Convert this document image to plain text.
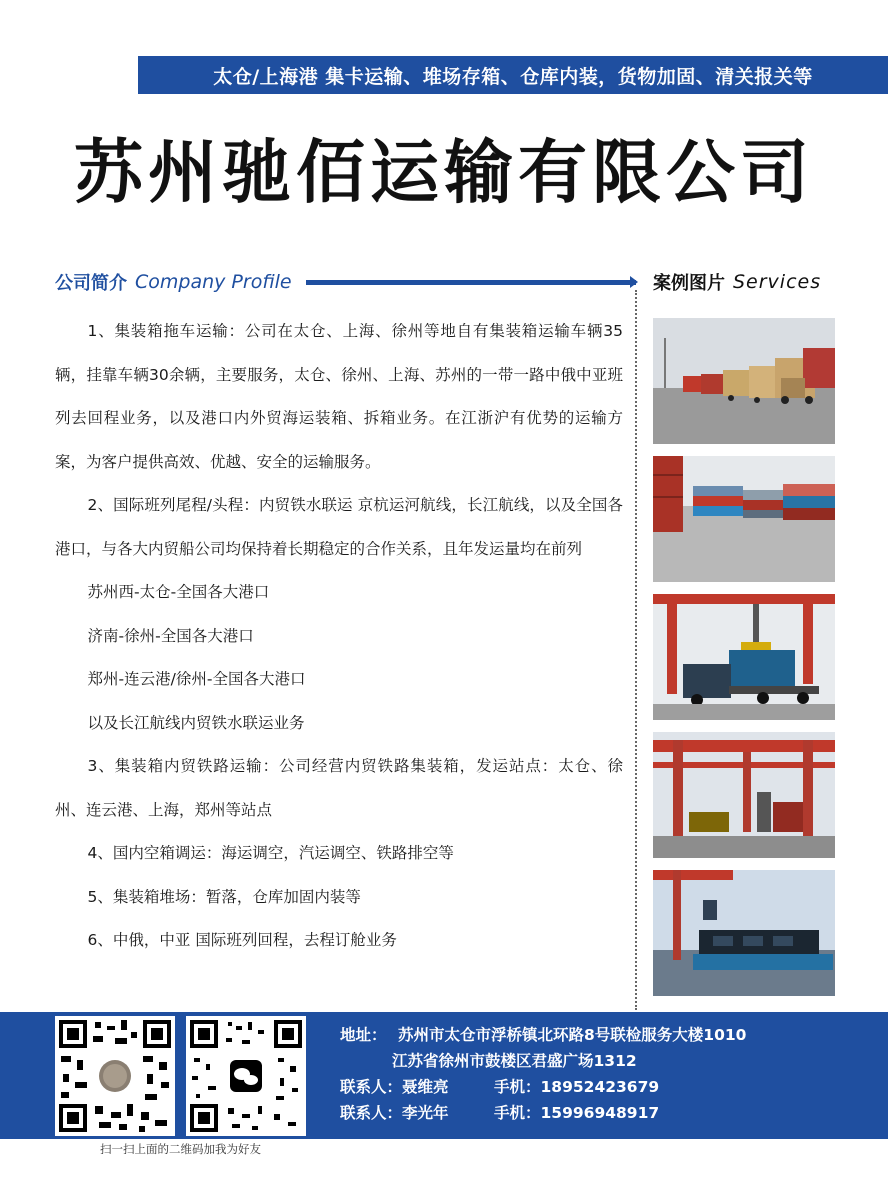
太仓/上海港 集卡运输、堆场存箱、仓库内装，货物加固、清关报关等
苏州驰佰运输有限公司
公司简介 Company Profile	案例图片 Services

1、集装箱拖车运输：公司在太仓、上海、徐州等地自有集装箱运输车辆35辆，挂靠车辆30余辆，主要服务，太仓、徐州、上海、苏州的一带一路中俄中亚班列去回程业务，以及港口内外贸海运装箱、拆箱业务。在江浙沪有优势的运输方案，为客户提供高效、优越、安全的运输服务。

2、国际班列尾程/头程：内贸铁水联运 京杭运河航线，长江航线，以及全国各港口，与各大内贸船公司均保持着长期稳定的合作关系，且年发运量均在前列

苏州西-太仓-全国各大港口

济南-徐州-全国各大港口

郑州-连云港/徐州-全国各大港口

以及长江航线内贸铁水联运业务

3、集装箱内贸铁路运输：公司经营内贸铁路集装箱，发运站点：太仓、徐州、连云港、上海，郑州等站点

4、国内空箱调运：海运调空，汽运调空、铁路排空等

5、集装箱堆场：暂落，仓库加固内装等

6、中俄，中亚 国际班列回程，去程订舱业务

地址： 苏州市太仓市浮桥镇北环路8号联检服务大楼1010
江苏省徐州市鼓楼区君盛广场1312
联系人：聂维亮	手机： 18952423679
联系人：李光年	手机： 15996948917
扫一扫上面的二维码加我为好友
